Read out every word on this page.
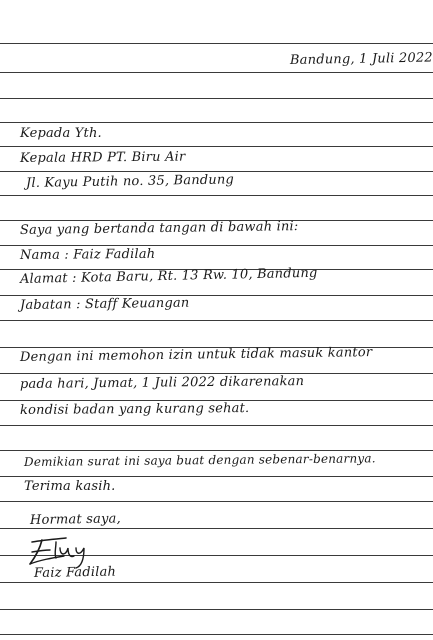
Bandung, 1 Juli 2022
Kepada Yth.
Kepala HRD PT. Biru Air
Jl. Kayu Putih no. 35, Bandung
Saya yang bertanda tangan di bawah ini:
Nama : Faiz Fadilah
Alamat : Kota Baru, Rt. 13 Rw. 10, Bandung
Jabatan : Staff Keuangan
Dengan ini memohon izin untuk tidak masuk kantor
pada hari, Jumat, 1 Juli 2022 dikarenakan
kondisi badan yang kurang sehat.
Demikian surat ini saya buat dengan sebenar-benarnya.
Terima kasih.
Hormat saya,
Faiz Fadilah
